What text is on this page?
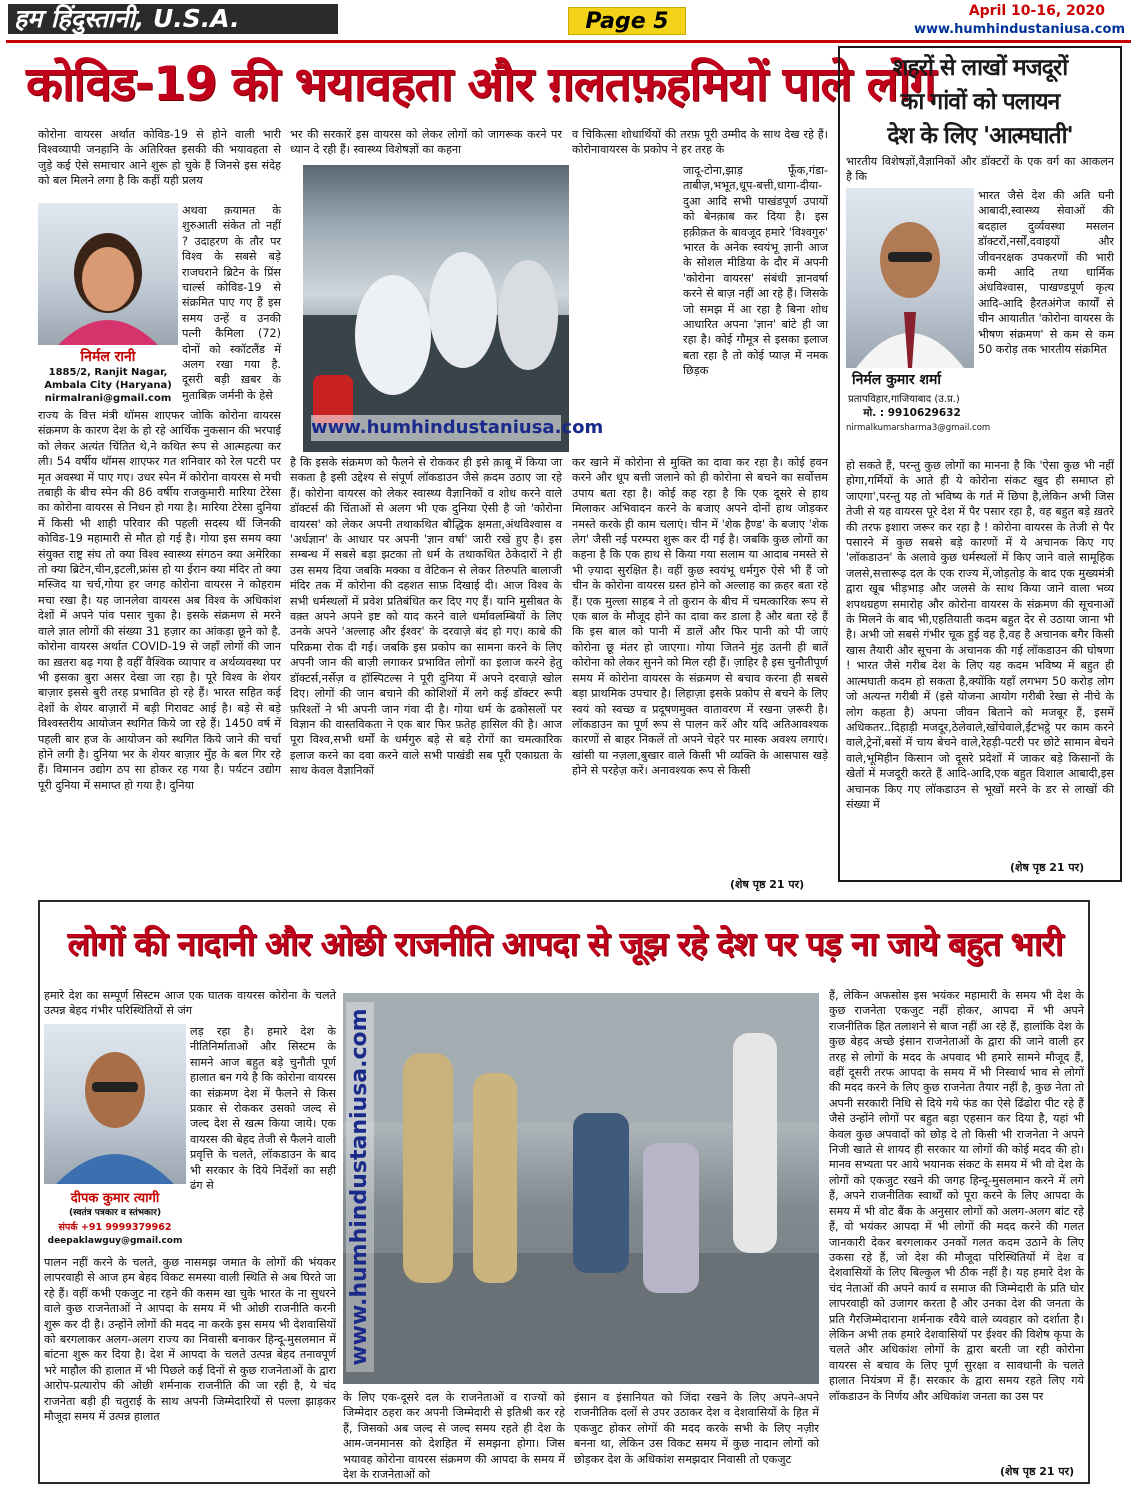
हम हिंदुस्तानी, U.S.A.	Page 5	April 10-16, 2020
www.humhindustaniusa.com
कोविड-19 की भयावहता और ग़लतफ़हमियों पाले लोग
कोरोना वायरस अर्थात कोविड-19 से होने वाली भारी विश्वव्यापी जनहानि के अतिरिक्त इसकी की भयावहता से जुड़े कई ऐसे समाचार आने शुरू हो चुके हैं जिनसे इस संदेह को बल मिलने लगा है कि कहीं यही प्रलय
निर्मल रानी
1885/2, Ranjit Nagar,
Ambala City (Haryana)
nirmalrani@gmail.com
अथवा क़यामत के शुरुआती संकेत तो नहीं ? उदाहरण के तौर पर विश्व के सबसे बड़े राजघराने ब्रिटेन के प्रिंस चार्ल्स कोविड-19 से संक्रमित पाए गए हैं इस समय उन्हें व उनकी पत्नी कैमिला (72) दोनों को स्कॉटलैंड में अलग रखा गया है. दूसरी बड़ी ख़बर के मुताबिक़ जर्मनी के हेसे
राज्य के वित्त मंत्री थॉमस शाएफर जोकि कोरोना वायरस संक्रमण के कारण देश के हो रहे आर्थिक नुकसान की भरपाई को लेकर अत्यंत चिंतित थे,ने कथित रूप से आत्महत्या कर ली। 54 वर्षीय थॉमस शाएफर गत शनिवार को रेल पटरी पर मृत अवस्था में पाए गए। उधर स्पेन में कोरोना वायरस से मची तबाही के बीच स्पेन की 86 वर्षीय राजकुमारी मारिया टेरेसा का कोरोना वायरस से निधन हो गया है। मारिया टेरेसा दुनिया में किसी भी शाही परिवार की पहली सदस्य थीं जिनकी कोविड-19 महामारी से मौत हो गई है। गोया इस समय क्या संयुक्त राष्ट्र संघ तो क्या विश्व स्वास्थ्य संगठन क्या अमेरिका तो क्या ब्रिटेन,चीन,इटली,फ्रांस हो या ईरान क्या मंदिर तो क्या मस्जिद या चर्च,गोया हर जगह कोरोना वायरस ने कोहराम मचा रखा है। यह जानलेवा वायरस अब विश्व के अधिकांश देशों में अपने पांव पसार चुका है। इसके संक्रमण से मरने वाले ज्ञात लोगों की संख्या 31 हज़ार का आंकड़ा छूने को है. कोरोना वायरस अर्थात COVID-19 से जहाँ लोगों की जान का ख़तरा बढ़ गया है वहीँ वैश्विक व्यापार व अर्थव्यवस्था पर भी इसका बुरा असर देखा जा रहा है। पूरे विश्व के शेयर बाज़ार इससे बुरी तरह प्रभावित हो रहे हैं। भारत सहित कई देशों के शेयर बाज़ारों में बड़ी गिरावट आई है। बड़े से बड़े विश्वस्तरीय आयोजन स्थगित किये जा रहे हैं। 1450 वर्ष में पहली बार हज के आयोजन को स्थगित किये जाने की चर्चा होने लगी है। दुनिया भर के शेयर बाज़ार मुँह के बल गिर रहे हैं। विमानन उद्योग ठप सा होकर रह गया है। पर्यटन उद्योग पूरी दुनिया में समाप्त हो गया है। दुनिया
भर की सरकारें इस वायरस को लेकर लोगों को जागरूक करने पर ध्यान दे रही हैं। स्वास्थ्य विशेषज्ञों का कहना
www.humhindustaniusa.com
है कि इसके संक्रमण को फैलने से रोककर ही इसे क़ाबू में किया जा सकता है इसी उद्देश्य से संपूर्ण लॉकडाउन जैसे क़दम उठाए जा रहे हैं। कोरोना वायरस को लेकर स्वास्थ्य वैज्ञानिकों व शोध करने वाले डॉक्टर्स की चिंताओं से अलग भी एक दुनिया ऐसी है जो 'कोरोना वायरस' को लेकर अपनी तथाकथित बौद्धिक क्षमता,अंधविश्वास व 'अर्धज्ञान' के आधार पर अपनी 'ज्ञान वर्षा' जारी रखे हुए है। इस सम्बन्ध में सबसे बड़ा झटका तो धर्म के तथाकथित ठेकेदारों ने ही उस समय दिया जबकि मक्का व वेटिकन से लेकर तिरुपति बालाजी मंदिर तक में कोरोना की दहशत साफ़ दिखाई दी। आज विश्व के सभी धर्मस्थलों में प्रवेश प्रतिबंधित कर दिए गए हैं। यानि मुसीबत के वक़्त अपने अपने इष्ट को याद करने वाले धर्मावलम्बियों के लिए उनके अपने 'अल्लाह और ईश्वर' के दरवाज़े बंद हो गए। काबे की परिक्रमा रोक दी गई। जबकि इस प्रकोप का सामना करने के लिए अपनी जान की बाज़ी लगाकर प्रभावित लोगों का इलाज करने हेतु डॉक्टर्स,नर्सेज़ व हॉस्पिटल्स ने पूरी दुनिया में अपने दरवाज़े खोल दिए। लोगों की जान बचाने की कोशिशों में लगे कई डॉक्टर रूपी फ़रिश्तों ने भी अपनी जान गंवा दी है। गोया धर्म के ढकोसलों पर विज्ञान की वास्तविकता ने एक बार फिर फ़तेह हासिल की है। आज पूरा विश्व,सभी धर्मों के धर्मगुरु बड़े से बड़े रोगों का चमत्कारिक इलाज करने का दवा करने वाले सभी पाखंडी सब पूरी एकाग्रता के साथ केवल वैज्ञानिकों
व चिकित्सा शोधार्थियों की तरफ़ पूरी उम्मीद के साथ देख रहे हैं। कोरोनावायरस के प्रकोप ने हर तरह के
जादू-टोना,झाड़ फूँक,गंडा-ताबीज़,भभूत,धूप-बत्ती,धागा-दीया-दुआ आदि सभी पाखंडपूर्ण उपायों को बेनक़ाब कर दिया है। इस हक़ीक़त के बावजूद हमारे 'विश्वगुरु' भारत के अनेक स्वयंभू ज्ञानी आज के सोशल मीडिया के दौर में अपनी 'कोरोना वायरस' संबंधी ज्ञानवर्षा करने से बाज़ नहीं आ रहे हैं। जिसके जो समझ में आ रहा है बिना शोध आधारित अपना 'ज्ञान' बांटे ही जा रहा है। कोई गौमूत्र से इसका इलाज बता रहा है तो कोई प्याज़ में नमक छिड़क
कर खाने में कोरोना से मुक्ति का दावा कर रहा है। कोई हवन करने और धूप बत्ती जलाने को ही कोरोना से बचने का सर्वोत्तम उपाय बता रहा है। कोई कह रहा है कि एक दूसरे से हाथ मिलाकर अभिवादन करने के बजाए अपने दोनों हाथ जोड़कर नमस्ते करके ही काम चलाएं। चीन में 'शेक हैण्ड' के बजाए 'शेक लेग' जैसी नई परम्परा शुरू कर दी गई है। जबकि कुछ लोगों का कहना है कि एक हाथ से किया गया सलाम या आदाब नमस्ते से भी ज़्यादा सुरक्षित है। वहीं कुछ स्वयंभू धर्मगुरु ऐसे भी हैं जो चीन के कोरोना वायरस ग्रस्त होने को अल्लाह का क़हर बता रहे हैं। एक मुल्ला साहब ने तो क़ुरान के बीच में चमत्कारिक रूप से एक बाल के मौजूद होने का दावा कर डाला है और बता रहे हैं कि इस बाल को पानी में डालें और फिर पानी को पी जाएं कोरोना छू मंतर हो जाएगा। गोया जितने मुंह उतनी ही बातें कोरोना को लेकर सुनने को मिल रही हैं। ज़ाहिर है इस चुनौतीपूर्ण समय में कोरोना वायरस के संक्रमण से बचाव करना ही सबसे बड़ा प्राथमिक उपचार है। लिहाज़ा इसके प्रकोप से बचने के लिए स्वयं को स्वच्छ व प्रदूषणमुक्त वातावरण में रखना ज़रूरी है। लॉकडाउन का पूर्ण रूप से पालन करें और यदि अतिआवश्यक कारणों से बाहर निकलें तो अपने चेहरे पर मास्क अवश्य लगाएं। खांसी या नज़ला,बुखार वाले किसी भी व्यक्ति के आसपास खड़े होने से परहेज़ करें। अनावश्यक रूप से किसी
(शेष पृष्ठ 21 पर)
शहरों से लाखों मजदूरों
का गांवों को पलायन
देश के लिए 'आत्मघाती'
भारतीय विशेषज्ञों,वैज्ञानिकों और डॉक्टरों के एक वर्ग का आकलन है कि
भारत जैसे देश की अति घनी आबादी,स्वास्थ्य सेवाओं की बदहाल दुर्व्यवस्था मसलन डॉक्टरों,नर्सों,दवाइयों और जीवनरक्षक उपकरणों की भारी कमी आदि तथा धार्मिक अंधविश्वास, पाखण्डपूर्ण कृत्य आदि-आदि हैरतअंगेज कार्यों से चीन आयातीत 'कोरोना वायरस के भीषण संक्रमण' से कम से कम 50 करोड़ तक भारतीय संक्रमित
निर्मल कुमार शर्मा
प्रतापविहार,गाजियाबाद (उ.प्र.)
मो. : 9910629632
nirmalkumarsharma3@gmail.com
हो सकते हैं, परन्तु कुछ लोगों का मानना है कि 'ऐसा कुछ भी नहीं होगा,गर्मियों के आते ही ये कोरोना संकट खुद ही समाप्त हो जाएगा',परन्तु यह तो भविष्य के गर्त में छिपा है,लेकिन अभी जिस तेजी से यह वायरस पूरे देश में पैर पसार रहा है, वह बहुत बड़े ख़तरे की तरफ इशारा जरूर कर रहा है ! कोरोना वायरस के तेजी से पैर पसारने में कुछ सबसे बड़े कारणों में ये अचानक किए गए 'लॉकडाउन' के अलावे कुछ धर्मस्थलों में किए जाने वाले सामूहिक जलसे,सत्तारूढ़ दल के एक राज्य में,जोड़तोड़ के बाद एक मुख्यमंत्री द्वारा खूब भीड़भाड़ और जलसे के साथ किया जाने वाला भव्य शपथग्रहण समारोह और कोरोना वायरस के संक्रमण की सूचनाओं के मिलने के बाद भी,एहतियाती कदम बहुत देर से उठाया जाना भी है। अभी जो सबसे गंभीर चूक हुई वह है,वह है अचानक बगैर किसी खास तैयारी और सूचना के अचानक की गई लॉकडाउन की घोषणा ! भारत जैसे गरीब देश के लिए यह कदम भविष्य में बहुत ही आत्मघाती कदम हो सकता है,क्योंकि यहाँ लगभग 50 करोड़ लोग जो अत्यन्त गरीबी में (इसे योजना आयोग गरीबी रेखा से नीचे के लोग कहता है) अपना जीवन बिताने को मजबूर हैं, इसमें अधिकतर..दिहाड़ी मजदूर,ठेलेवाले,खोंचेवाले,ईंटभट्ठे पर काम करने वाले,ट्रेनों,बसों में चाय बेचने वाले,रेहड़ी-पटरी पर छोटे सामान बेचने वाले,भूमिहीन किसान जो दूसरे प्रदेशों में जाकर बड़े किसानों के खेतों में मजदूरी करते हैं आदि-आदि,एक बहुत विशाल आबादी,इस अचानक किए गए लॉकडाउन से भूखों मरने के डर से लाखों की संख्या में
(शेष पृष्ठ 21 पर)
लोगों की नादानी और ओछी राजनीति आपदा से जूझ रहे देश पर पड़ ना जाये बहुत भारी
हमारे देश का सम्पूर्ण सिस्टम आज एक घातक वायरस कोरोना के चलते उत्पन्न बेहद गंभीर परिस्थितियों से जंग
दीपक कुमार त्यागी
(स्वतंत्र पत्रकार व स्तंभकार)
संपर्क +91 9999379962
deepaklawguy@gmail.com
लड़ रहा है। हमारे देश के नीतिनिर्माताओं और सिस्टम के सामने आज बहुत बड़े चुनौती पूर्ण हालात बन गये है कि कोरोना वायरस का संक्रमण देश में फैलने से किस प्रकार से रोककर उसको जल्द से जल्द देश से खत्म किया जाये। एक वायरस की बेहद तेजी से फैलने वाली प्रवृत्ति के चलते, लॉकडाउन के बाद भी सरकार के दिये निर्देशों का सही ढंग से
पालन नहीं करने के चलते, कुछ नासमझ जमात के लोगों की भंयकर लापरवाही से आज हम बेहद विकट समस्या वाली स्थिति से अब घिरते जा रहे हैं। वहीं कभी एकजुट ना रहने की कसम खा चुके भारत के ना सुधरने वाले कुछ राजनेताओं ने आपदा के समय में भी ओछी राजनीति करनी शुरू कर दी है। उन्होंने लोगों की मदद ना करके इस समय भी देशवासियों को बरगलाकर अलग-अलग राज्य का निवासी बनाकर हिन्दू-मुसलमान में बांटना शुरू कर दिया है। देश में आपदा के चलते उत्पन्न बेहद तनावपूर्ण भरे माहौल की हालात में भी पिछले कई दिनों से कुछ राजनेताओं के द्वारा आरोप-प्रत्यारोप की ओछी शर्मनाक राजनीति की जा रही है, ये चंद राजनेता बड़ी ही चतुराई के साथ अपनी जिम्मेदारियों से पल्ला झाड़कर मौजूदा समय में उत्पन्न हालात
www.humhindustaniusa.com
के लिए एक-दूसरे दल के राजनेताओं व राज्यों को जिम्मेदार ठहरा कर अपनी जिम्मेदारी से इतिश्री कर रहे हैं, जिसको अब जल्द से जल्द समय रहते ही देश के आम-जनमानस को देशहित में समझना होगा। जिस भयावह कोरोना वायरस संक्रमण की आपदा के समय में देश के राजनेताओं को
इंसान व इंसानियत को जिंदा रखने के लिए अपने-अपने राजनीतिक दलों से उपर उठाकर देश व देशवासियों के हित में एकजुट होकर लोगों की मदद करके सभी के लिए नज़ीर बनना था, लेकिन उस विकट समय में कुछ नादान लोगों को छोड़कर देश के अधिकांश समझदार निवासी तो एकजुट
हैं, लेकिन अफसोस इस भयंकर महामारी के समय भी देश के कुछ राजनेता एकजुट नहीं होकर, आपदा में भी अपने राजनीतिक हित तलाशने से बाज नहीं आ रहे हैं, हालांकि देश के कुछ बेहद अच्छे इंसान राजनेताओं के द्वारा की जाने वाली हर तरह से लोगों के मदद के अपवाद भी हमारे सामने मौजूद हैं, वहीं दूसरी तरफ आपदा के समय में भी निस्वार्थ भाव से लोगों की मदद करने के लिए कुछ राजनेता तैयार नहीं है, कुछ नेता तो अपनी सरकारी निधि से दिये गये फंड का ऐसे ढिंढोरा पीट रहे हैं जैसे उन्होंने लोगों पर बहुत बड़ा एहसान कर दिया है, यहां भी केवल कुछ अपवादों को छोड़ दे तो किसी भी राजनेता ने अपने निजी खाते से शायद ही सरकार या लोगों की कोई मदद की हो। मानव सभ्यता पर आये भयानक संकट के समय में भी वो देश के लोगों को एकजुट रखने की जगह हिन्दू-मुसलमान करने में लगे हैं, अपने राजनीतिक स्वार्थों को पूरा करने के लिए आपदा के समय में भी वोट बैंक के अनुसार लोगों को अलग-अलग बांट रहे हैं, वो भयंकर आपदा में भी लोगों की मदद करने की गलत जानकारी देकर बरगलाकर उनकों गलत कदम उठाने के लिए उकसा रहे हैं, जो देश की मौजूदा परिस्थितियों में देश व देशवासियों के लिए बिल्कुल भी ठीक नहीं है। यह हमारे देश के चंद नेताओं की अपने कार्य व समाज की जिम्मेदारी के प्रति घोर लापरवाही को उजागर करता है और उनका देश की जनता के प्रति गैरजिम्मेदाराना शर्मनाक रवैये वाले व्यवहार को दर्शाता है। लेकिन अभी तक हमारे देशवासियों पर ईश्वर की विशेष कृपा के चलते और अधिकांश लोगों के द्वारा बरती जा रही कोरोना वायरस से बचाव के लिए पूर्ण सुरक्षा व सावधानी के चलते हालात नियंत्रण में हैं। सरकार के द्वारा समय रहते लिए गये लॉकडाउन के निर्णय और अधिकांश जनता का उस पर
(शेष पृष्ठ 21 पर)
